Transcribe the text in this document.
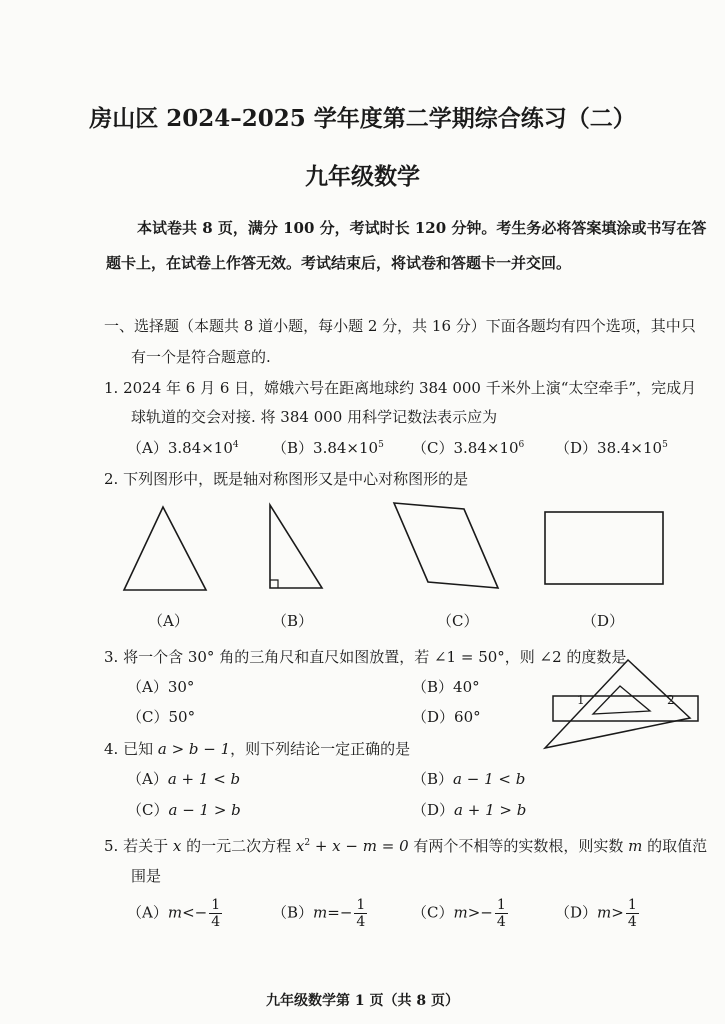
房山区 2024–2025 学年度第二学期综合练习（二）
九年级数学
本试卷共 8 页，满分 100 分，考试时长 120 分钟。考生务必将答案填涂或书写在答
题卡上，在试卷上作答无效。考试结束后，将试卷和答题卡一并交回。
一、选择题（本题共 8 道小题，每小题 2 分，共 16 分）下面各题均有四个选项，其中只
有一个是符合题意的.
1. 2024 年 6 月 6 日，嫦娥六号在距离地球约 384 000 千米外上演“太空牵手”，完成月
球轨道的交会对接. 将 384 000 用科学记数法表示应为
$(A)3.84\times 10^4$ $(B)3.84\times 10^5$ $(C)3.84\times 10^6$ $(D)38.4\times 10^5$
2. 下列图形中，既是轴对称图形又是中心对称图形的是
（A）	（B）	（C）	（D）
3. 将一个含 30° 角的三角尺和直尺如图放置，若 ∠1 = 50°，则 ∠2 的度数是
（A）30°	（B）40°
（C）50°	（D）60°
1	2
4. 已知 a > b − 1，则下列结论一定正确的是
（A）a + 1 < b	（B）a − 1 < b
（C）a − 1 > b	（D）a + 1 > b
5. 若关于 x 的一元二次方程 $x^2 + x - m = 0$ 有两个不相等的实数根，则实数 m 的取值范
围是
$(A)m<- \frac{1}{4}$	$(B)m=- \frac{1}{4}$	$(C)m>- \frac{1}{4}$	$(D)m> \frac{1}{4}$
九年级数学第 1 页（共 8 页）
